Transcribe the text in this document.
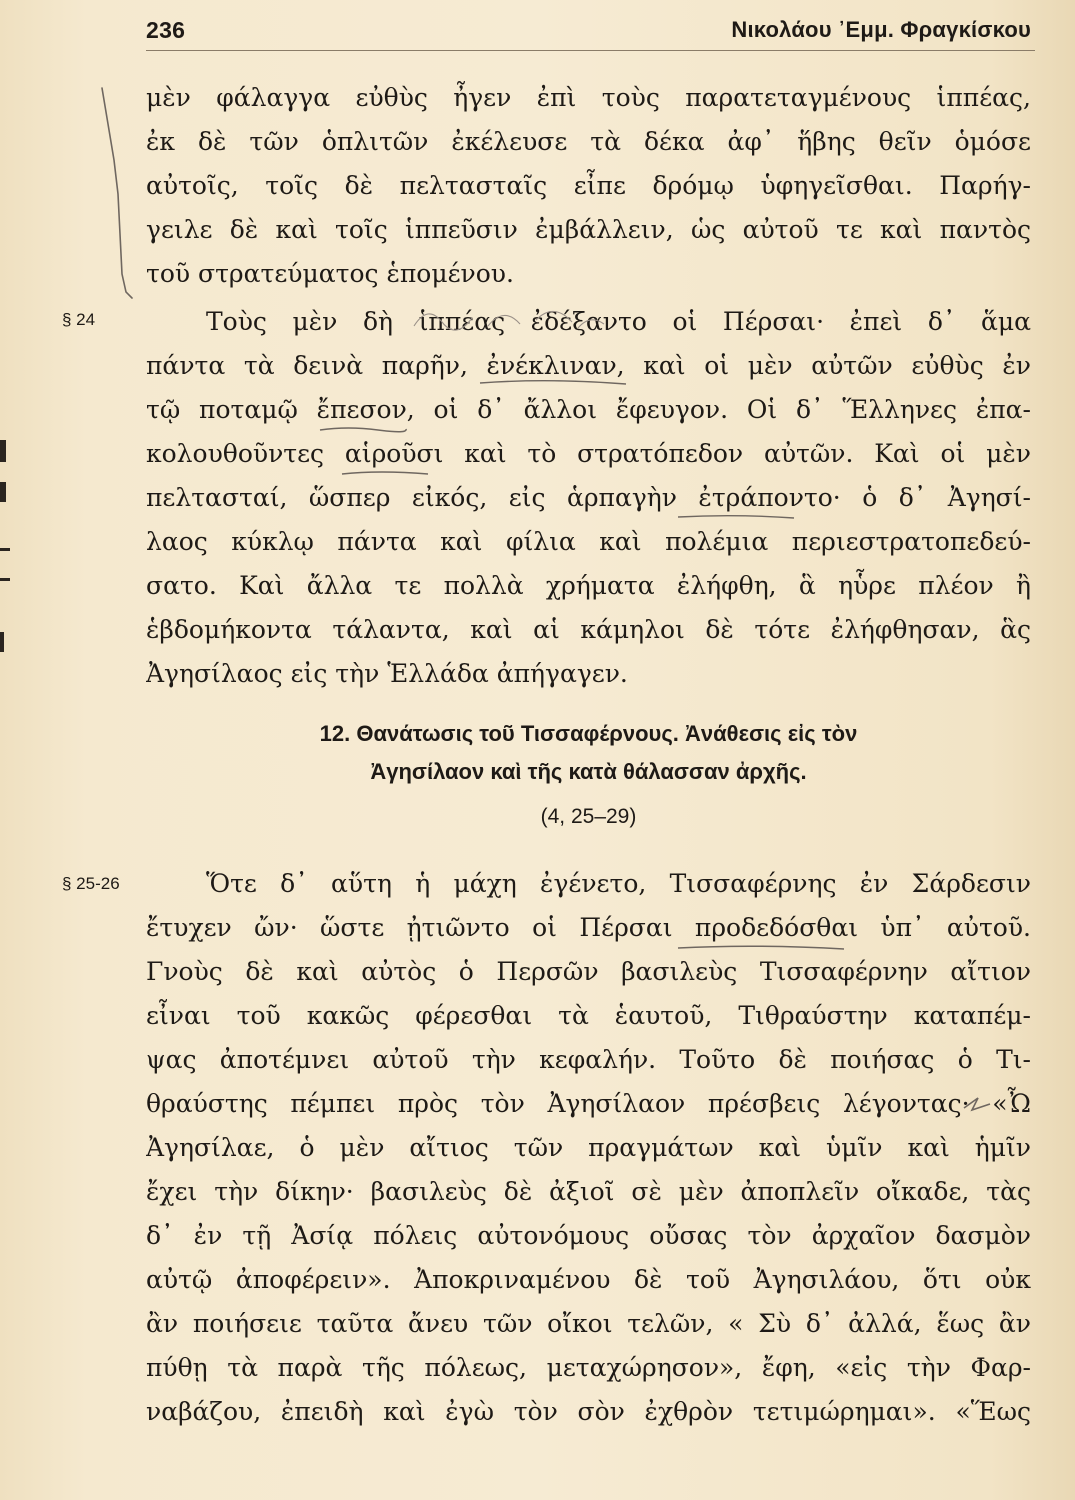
236	Νικολάου ᾿Εμμ. Φραγκίσκου
μὲν φάλαγγα εὐθὺς ἦγεν ἐπὶ τοὺς παρατεταγμένους ἱππέας,
ἐκ δὲ τῶν ὁπλιτῶν ἐκέλευσε τὰ δέκα ἀφ᾿ ἥβης θεῖν ὁμόσε
αὐτοῖς, τοῖς δὲ πελτασταῖς εἶπε δρόμῳ ὑφηγεῖσθαι. Παρήγ-
γειλε δὲ καὶ τοῖς ἱππεῦσιν ἐμβάλλειν, ὡς αὐτοῦ τε καὶ παντὸς
τοῦ στρατεύματος ἑπομένου.
§ 24	Τοὺς μὲν δὴ ἱππέας ἐδέξαντο οἱ Πέρσαι· ἐπεὶ δ᾿ ἅμα
πάντα τὰ δεινὰ παρῆν, ἐνέκλιναν, καὶ οἱ μὲν αὐτῶν εὐθὺς ἐν
τῷ ποταμῷ ἔπεσον, οἱ δ᾿ ἄλλοι ἔφευγον. Οἱ δ᾿ Ἕλληνες ἐπα-
κολουθοῦντες αἱροῦσι καὶ τὸ στρατόπεδον αὐτῶν. Καὶ οἱ μὲν
πελτασταί, ὥσπερ εἰκός, εἰς ἁρπαγὴν ἐτράποντο· ὁ δ᾿ Ἀγησί-
λαος κύκλῳ πάντα καὶ φίλια καὶ πολέμια περιεστρατοπεδεύ-
σατο. Καὶ ἄλλα τε πολλὰ χρήματα ἐλήφθη, ἃ ηὗρε πλέον ἢ
ἑβδομήκοντα τάλαντα, καὶ αἱ κάμηλοι δὲ τότε ἐλήφθησαν, ἃς
Ἀγησίλαος εἰς τὴν Ἑλλάδα ἀπήγαγεν.
12. Θανάτωσις τοῦ Τισσαφέρνους. Ἀνάθεσις εἰς τὸν
Ἀγησίλαον καὶ τῆς κατὰ θάλασσαν ἀρχῆς.
(4, 25–29)
§ 25-26	Ὅτε δ᾿ αὕτη ἡ μάχη ἐγένετο, Τισσαφέρνης ἐν Σάρδεσιν
ἔτυχεν ὤν· ὥστε ᾐτιῶντο οἱ Πέρσαι προδεδόσθαι ὑπ᾿ αὐτοῦ.
Γνοὺς δὲ καὶ αὐτὸς ὁ Περσῶν βασιλεὺς Τισσαφέρνην αἴτιον
εἶναι τοῦ κακῶς φέρεσθαι τὰ ἑαυτοῦ, Τιθραύστην καταπέμ-
ψας ἀποτέμνει αὐτοῦ τὴν κεφαλήν. Τοῦτο δὲ ποιήσας ὁ Τι-
θραύστης πέμπει πρὸς τὸν Ἀγησίλαον πρέσβεις λέγοντας· «Ὦ
Ἀγησίλαε, ὁ μὲν αἴτιος τῶν πραγμάτων καὶ ὑμῖν καὶ ἡμῖν
ἔχει τὴν δίκην· βασιλεὺς δὲ ἀξιοῖ σὲ μὲν ἀποπλεῖν οἴκαδε, τὰς
δ᾿ ἐν τῇ Ἀσίᾳ πόλεις αὐτονόμους οὔσας τὸν ἀρχαῖον δασμὸν
αὐτῷ ἀποφέρειν». Ἀποκριναμένου δὲ τοῦ Ἀγησιλάου, ὅτι οὐκ
ἂν ποιήσειε ταῦτα ἄνευ τῶν οἴκοι τελῶν, « Σὺ δ᾿ ἀλλά, ἕως ἂν
πύθῃ τὰ παρὰ τῆς πόλεως, μεταχώρησον», ἔφη, «εἰς τὴν Φαρ-
ναβάζου, ἐπειδὴ καὶ ἐγὼ τὸν σὸν ἐχθρὸν τετιμώρημαι». «Ἕως
